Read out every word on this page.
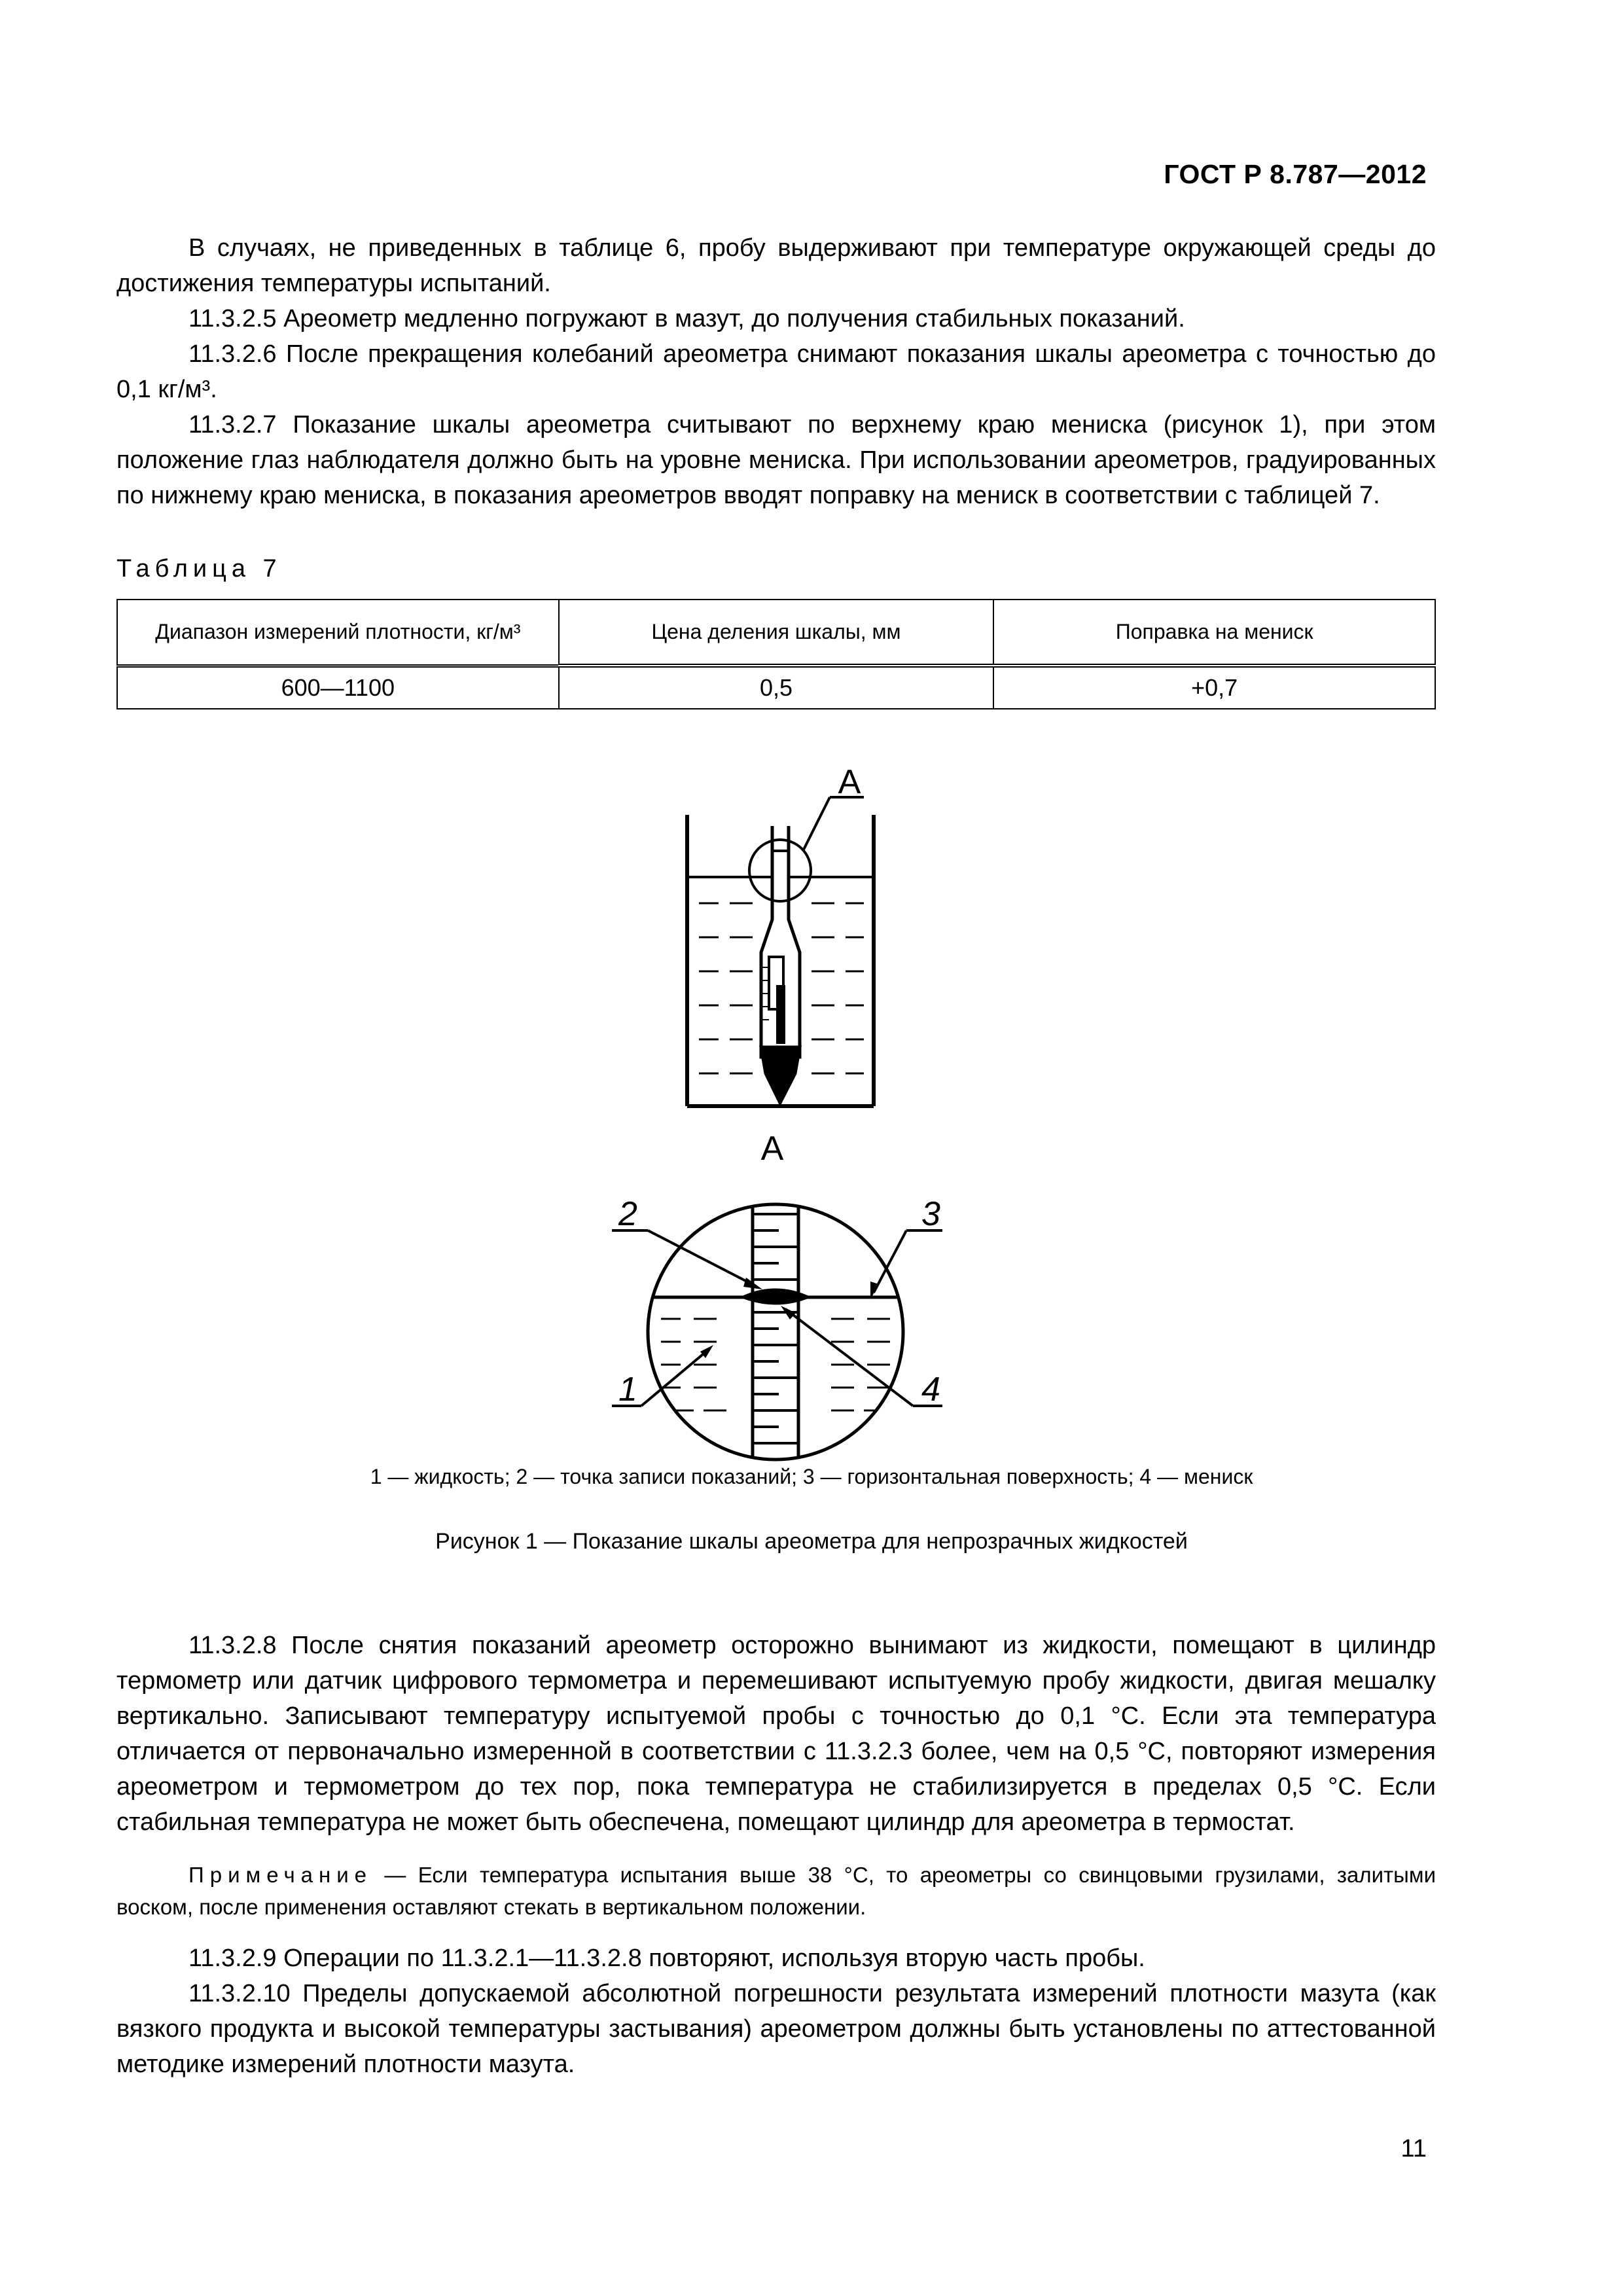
ГОСТ Р 8.787—2012

В случаях, не приведенных в таблице 6, пробу выдерживают при температуре окружающей среды до достижения температуры испытаний.

11.3.2.5 Ареометр медленно погружают в мазут, до получения стабильных показаний.

11.3.2.6 После прекращения колебаний ареометра снимают показания шкалы ареометра с точностью до 0,1 кг/м³.

11.3.2.7 Показание шкалы ареометра считывают по верхнему краю мениска (рисунок 1), при этом положение глаз наблюдателя должно быть на уровне мениска. При использовании ареометров, градуированных по нижнему краю мениска, в показания ареометров вводят поправку на мениск в соответствии с таблицей 7.

Таблица 7
Диапазон измерений плотности, кг/м³	Цена деления шкалы, мм	Поправка на мениск
600—1100	0,5	+0,7
А
А
2	3
1	4
1 — жидкость; 2 — точка записи показаний; 3 — горизонтальная поверхность; 4 — мениск
Рисунок 1 — Показание шкалы ареометра для непрозрачных жидкостей

11.3.2.8 После снятия показаний ареометр осторожно вынимают из жидкости, помещают в цилиндр термометр или датчик цифрового термометра и перемешивают испытуемую пробу жидкости, двигая мешалку вертикально. Записывают температуру испытуемой пробы с точностью до 0,1 °С. Если эта температура отличается от первоначально измеренной в соответствии с 11.3.2.3 более, чем на 0,5 °С, повторяют измерения ареометром и термометром до тех пор, пока температура не стабилизируется в пределах 0,5 °С. Если стабильная температура не может быть обеспечена, помещают цилиндр для ареометра в термостат.

Примечание — Если температура испытания выше 38 °С, то ареометры со свинцовыми грузилами, залитыми воском, после применения оставляют стекать в вертикальном положении.

11.3.2.9 Операции по 11.3.2.1—11.3.2.8 повторяют, используя вторую часть пробы.

11.3.2.10 Пределы допускаемой абсолютной погрешности результата измерений плотности мазута (как вязкого продукта и высокой температуры застывания) ареометром должны быть установлены по аттестованной методике измерений плотности мазута.

11
